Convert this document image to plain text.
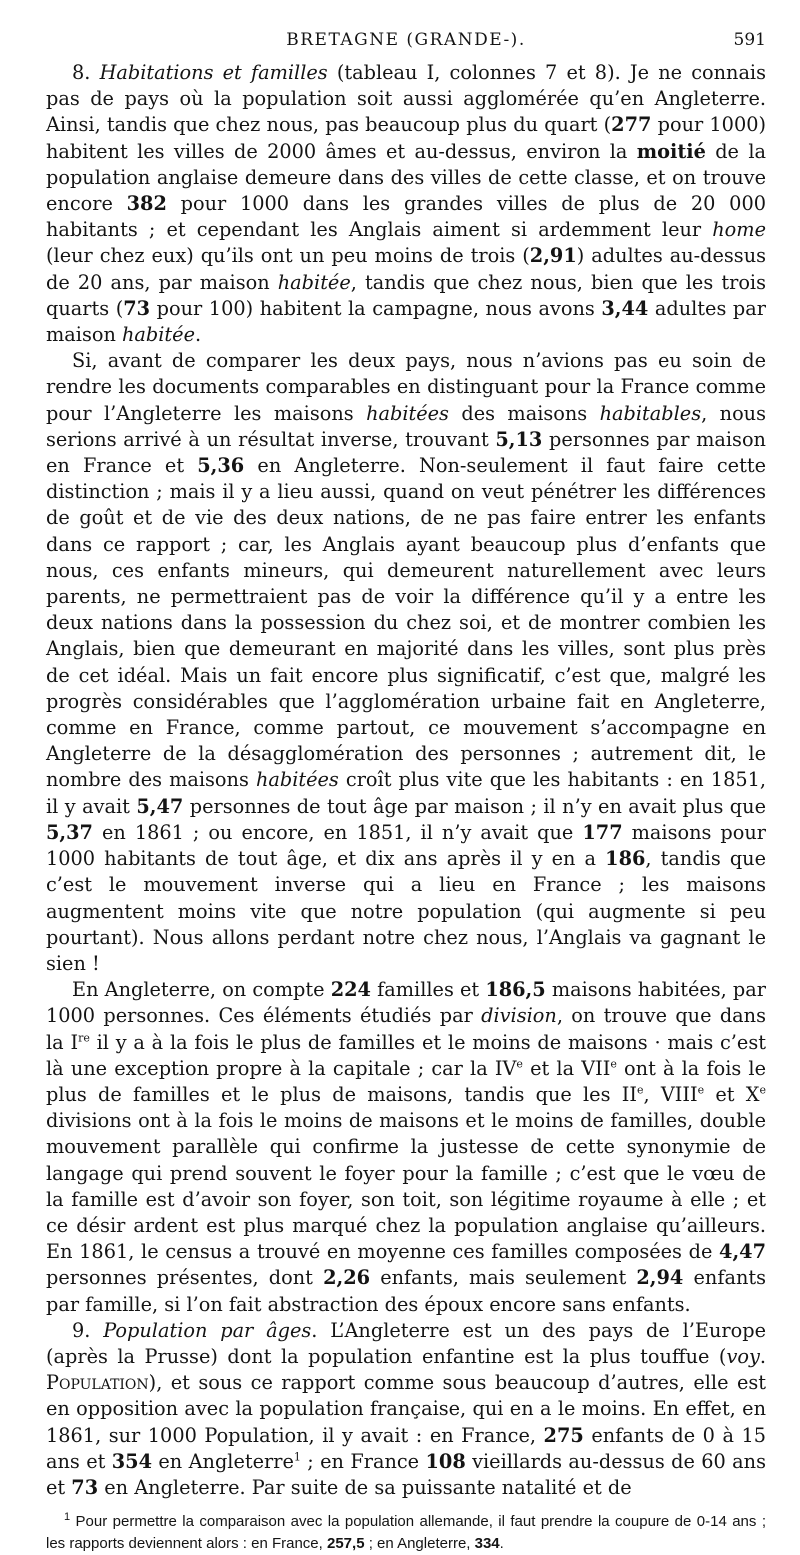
BRETAGNE (GRANDE-).	591

8. Habitations et familles (tableau I, colonnes 7 et 8). Je ne connais pas de pays où la population soit aussi agglomérée qu’en Angleterre. Ainsi, tandis que chez nous, pas beaucoup plus du quart (277 pour 1000) habitent les villes de 2000 âmes et au-dessus, environ la moitié de la population anglaise demeure dans des villes de cette classe, et on trouve encore 382 pour 1000 dans les grandes villes de plus de 20 000 habitants ; et cependant les Anglais aiment si ardemment leur home (leur chez eux) qu’ils ont un peu moins de trois (2,91) adultes au-dessus de 20 ans, par maison habitée, tandis que chez nous, bien que les trois quarts (73 pour 100) habitent la campagne, nous avons 3,44 adultes par maison habitée.

Si, avant de comparer les deux pays, nous n’avions pas eu soin de rendre les documents comparables en distinguant pour la France comme pour l’Angleterre les maisons habitées des maisons habitables, nous serions arrivé à un résultat inverse, trouvant 5,13 personnes par maison en France et 5,36 en Angleterre. Non-seulement il faut faire cette distinction ; mais il y a lieu aussi, quand on veut pénétrer les différences de goût et de vie des deux nations, de ne pas faire entrer les enfants dans ce rapport ; car, les Anglais ayant beaucoup plus d’enfants que nous, ces enfants mineurs, qui demeurent naturellement avec leurs parents, ne permettraient pas de voir la différence qu’il y a entre les deux nations dans la possession du chez soi, et de montrer combien les Anglais, bien que demeurant en majorité dans les villes, sont plus près de cet idéal. Mais un fait encore plus significatif, c’est que, malgré les progrès considérables que l’agglomération urbaine fait en Angleterre, comme en France, comme partout, ce mouvement s’accompagne en Angleterre de la désagglomération des personnes ; autrement dit, le nombre des maisons habitées croît plus vite que les habitants : en 1851, il y avait 5,47 personnes de tout âge par maison ; il n’y en avait plus que 5,37 en 1861 ; ou encore, en 1851, il n’y avait que 177 maisons pour 1000 habitants de tout âge, et dix ans après il y en a 186, tandis que c’est le mouvement inverse qui a lieu en France ; les maisons augmentent moins vite que notre population (qui augmente si peu pourtant). Nous allons perdant notre chez nous, l’Anglais va gagnant le sien !

En Angleterre, on compte 224 familles et 186,5 maisons habitées, par 1000 personnes. Ces éléments étudiés par division, on trouve que dans la Ire il y a à la fois le plus de familles et le moins de maisons · mais c’est là une exception propre à la capitale ; car la IVe et la VIIe ont à la fois le plus de familles et le plus de maisons, tandis que les IIe, VIIIe et Xe divisions ont à la fois le moins de maisons et le moins de familles, double mouvement parallèle qui confirme la justesse de cette synonymie de langage qui prend souvent le foyer pour la famille ; c’est que le vœu de la famille est d’avoir son foyer, son toit, son légitime royaume à elle ; et ce désir ardent est plus marqué chez la population anglaise qu’ailleurs. En 1861, le census a trouvé en moyenne ces familles composées de 4,47 personnes présentes, dont 2,26 enfants, mais seulement 2,94 enfants par famille, si l’on fait abstraction des époux encore sans enfants.

9. Population par âges. L’Angleterre est un des pays de l’Europe (après la Prusse) dont la population enfantine est la plus touffue (voy. Population), et sous ce rapport comme sous beaucoup d’autres, elle est en opposition avec la population française, qui en a le moins. En effet, en 1861, sur 1000 Population, il y avait : en France, 275 enfants de 0 à 15 ans et 354 en Angleterre$^1$ ; en France 108 vieillards au-dessus de 60 ans et 73 en Angleterre. Par suite de sa puissante natalité et de

$^1$ Pour permettre la comparaison avec la population allemande, il faut prendre la coupure de 0-14 ans ; les rapports deviennent alors : en France, 257,5 ; en Angleterre, 334.
